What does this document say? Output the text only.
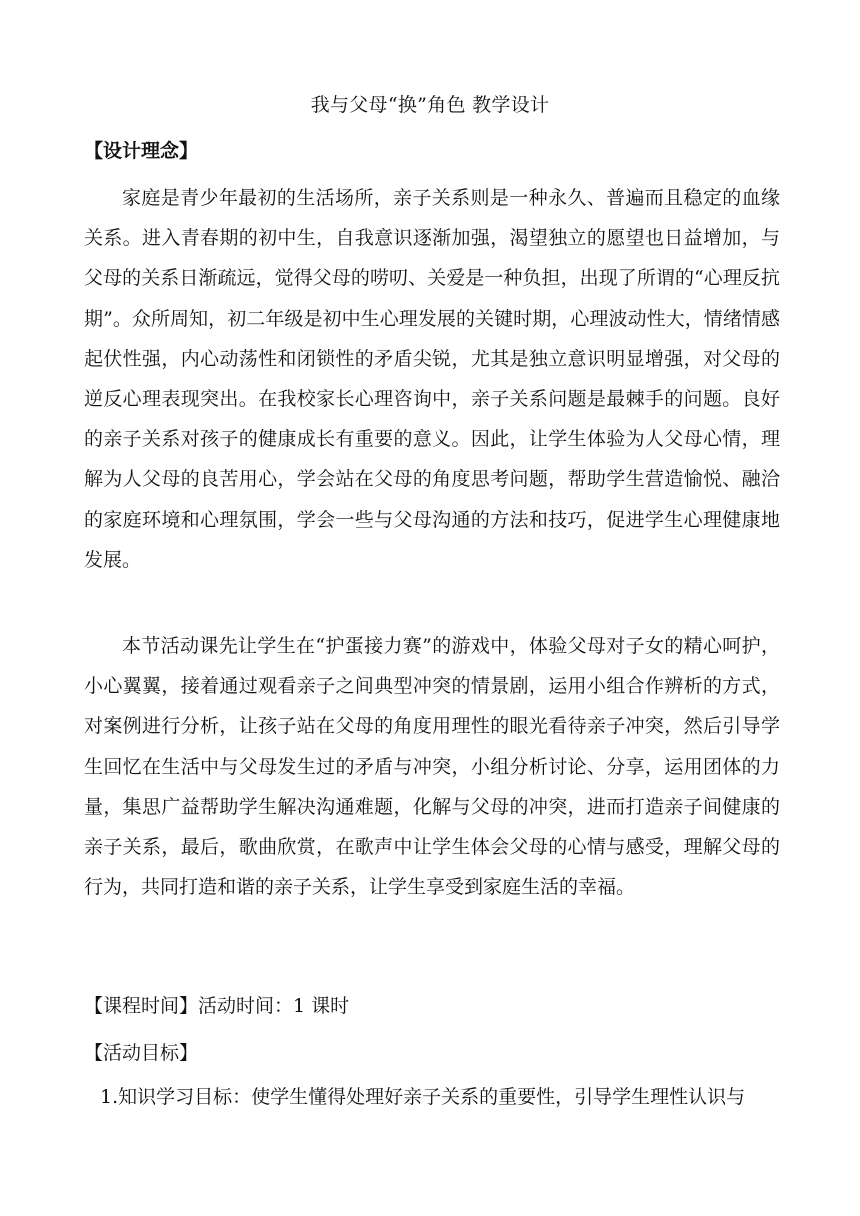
我与父母“换”角色 教学设计
【设计理念】

家庭是青少年最初的生活场所，亲子关系则是一种永久、普遍而且稳定的血缘关系。进入青春期的初中生，自我意识逐渐加强，渴望独立的愿望也日益增加，与父母的关系日渐疏远，觉得父母的唠叨、关爱是一种负担，出现了所谓的“心理反抗期”。众所周知，初二年级是初中生心理发展的关键时期，心理波动性大，情绪情感起伏性强，内心动荡性和闭锁性的矛盾尖锐，尤其是独立意识明显增强，对父母的逆反心理表现突出。在我校家长心理咨询中，亲子关系问题是最棘手的问题。良好的亲子关系对孩子的健康成长有重要的意义。因此，让学生体验为人父母心情，理解为人父母的良苦用心，学会站在父母的角度思考问题，帮助学生营造愉悦、融洽的家庭环境和心理氛围，学会一些与父母沟通的方法和技巧，促进学生心理健康地发展。

本节活动课先让学生在“护蛋接力赛”的游戏中，体验父母对子女的精心呵护，小心翼翼，接着通过观看亲子之间典型冲突的情景剧，运用小组合作辨析的方式，对案例进行分析，让孩子站在父母的角度用理性的眼光看待亲子冲突，然后引导学生回忆在生活中与父母发生过的矛盾与冲突，小组分析讨论、分享，运用团体的力量，集思广益帮助学生解决沟通难题，化解与父母的冲突，进而打造亲子间健康的亲子关系，最后，歌曲欣赏，在歌声中让学生体会父母的心情与感受，理解父母的行为，共同打造和谐的亲子关系，让学生享受到家庭生活的幸福。

【课程时间】活动时间：1 课时
【活动目标】
1.知识学习目标：使学生懂得处理好亲子关系的重要性，引导学生理性认识与
